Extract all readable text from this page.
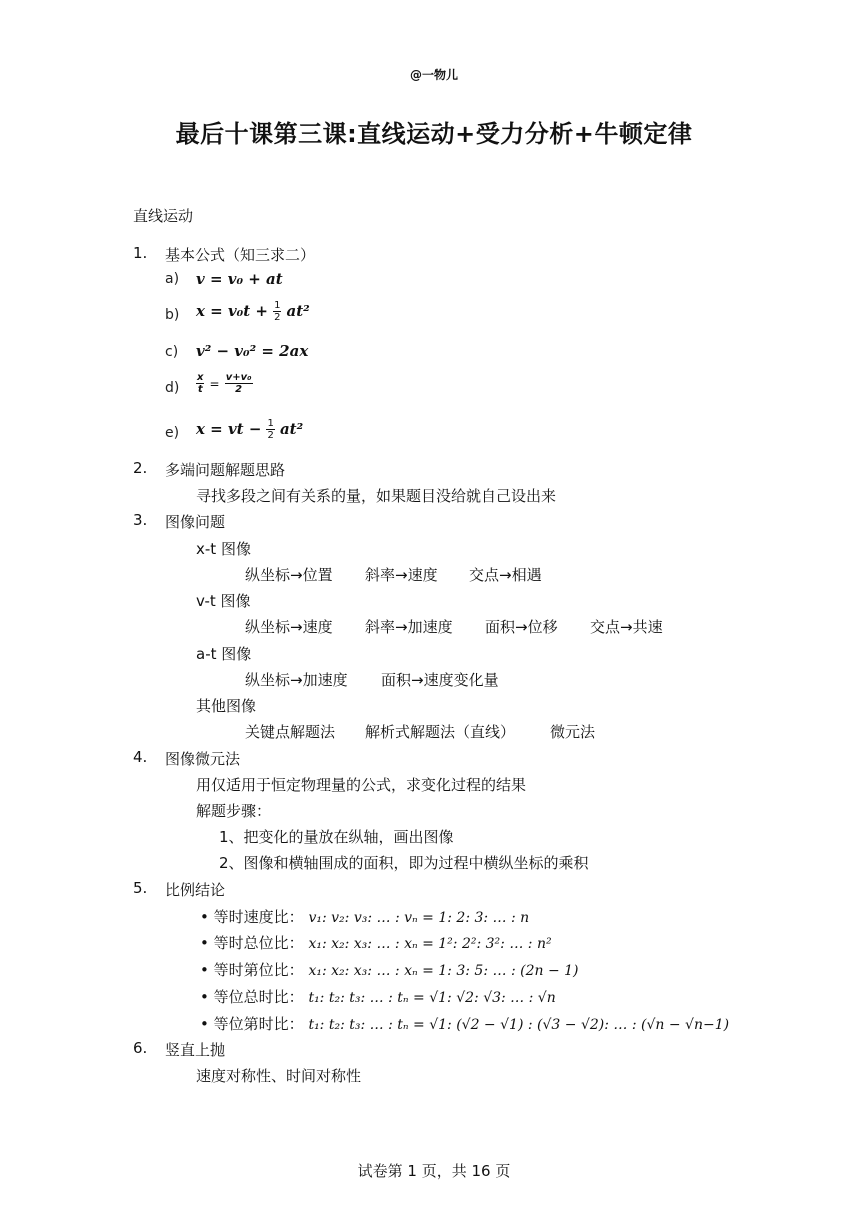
@一物儿
最后十课第三课:直线运动+受力分析+牛顿定律
直线运动
1. 基本公式（知三求二）
a) v = v₀ + at
b) $x = v_0t + \frac{1}{2} at^2$
c) v² − v₀² = 2ax
$d) \frac{x}{t} = \frac{\text{v+v₀}}{2}$
e) x = vt − $\frac{1}{2} at^2$
2. 多端问题解题思路
寻找多段之间有关系的量，如果题目没给就自己设出来
3. 图像问题
x-t 图像
纵坐标→位置 斜率→速度 交点→相遇
v-t 图像
纵坐标→速度 斜率→加速度 面积→位移 交点→共速
a-t 图像
纵坐标→加速度 面积→速度变化量
其他图像
关键点解题法 解析式解题法（直线） 微元法
4. 图像微元法
用仅适用于恒定物理量的公式，求变化过程的结果
解题步骤：
1、把变化的量放在纵轴，画出图像
2、图像和横轴围成的面积，即为过程中横纵坐标的乘积
5. 比例结论
• 等时速度比： v₁: v₂: v₃: … : vₙ = 1: 2: 3: … : n
• 等时总位比： x₁: x₂: x₃: … : xₙ = 1²: 2²: 3²: … : n²
• 等时第位比： x₁: x₂: x₃: … : xₙ = 1: 3: 5: … : (2n − 1)
• 等位总时比： t₁: t₂: t₃: … : tₙ = √1: √2: √3: … : √n
• 等位第时比： t₁: t₂: t₃: … : tₙ = √1: (√2 − √1) : (√3 − √2): … : (√n − √n−1)
6. 竖直上抛
速度对称性、时间对称性
试卷第 1 页，共 16 页
